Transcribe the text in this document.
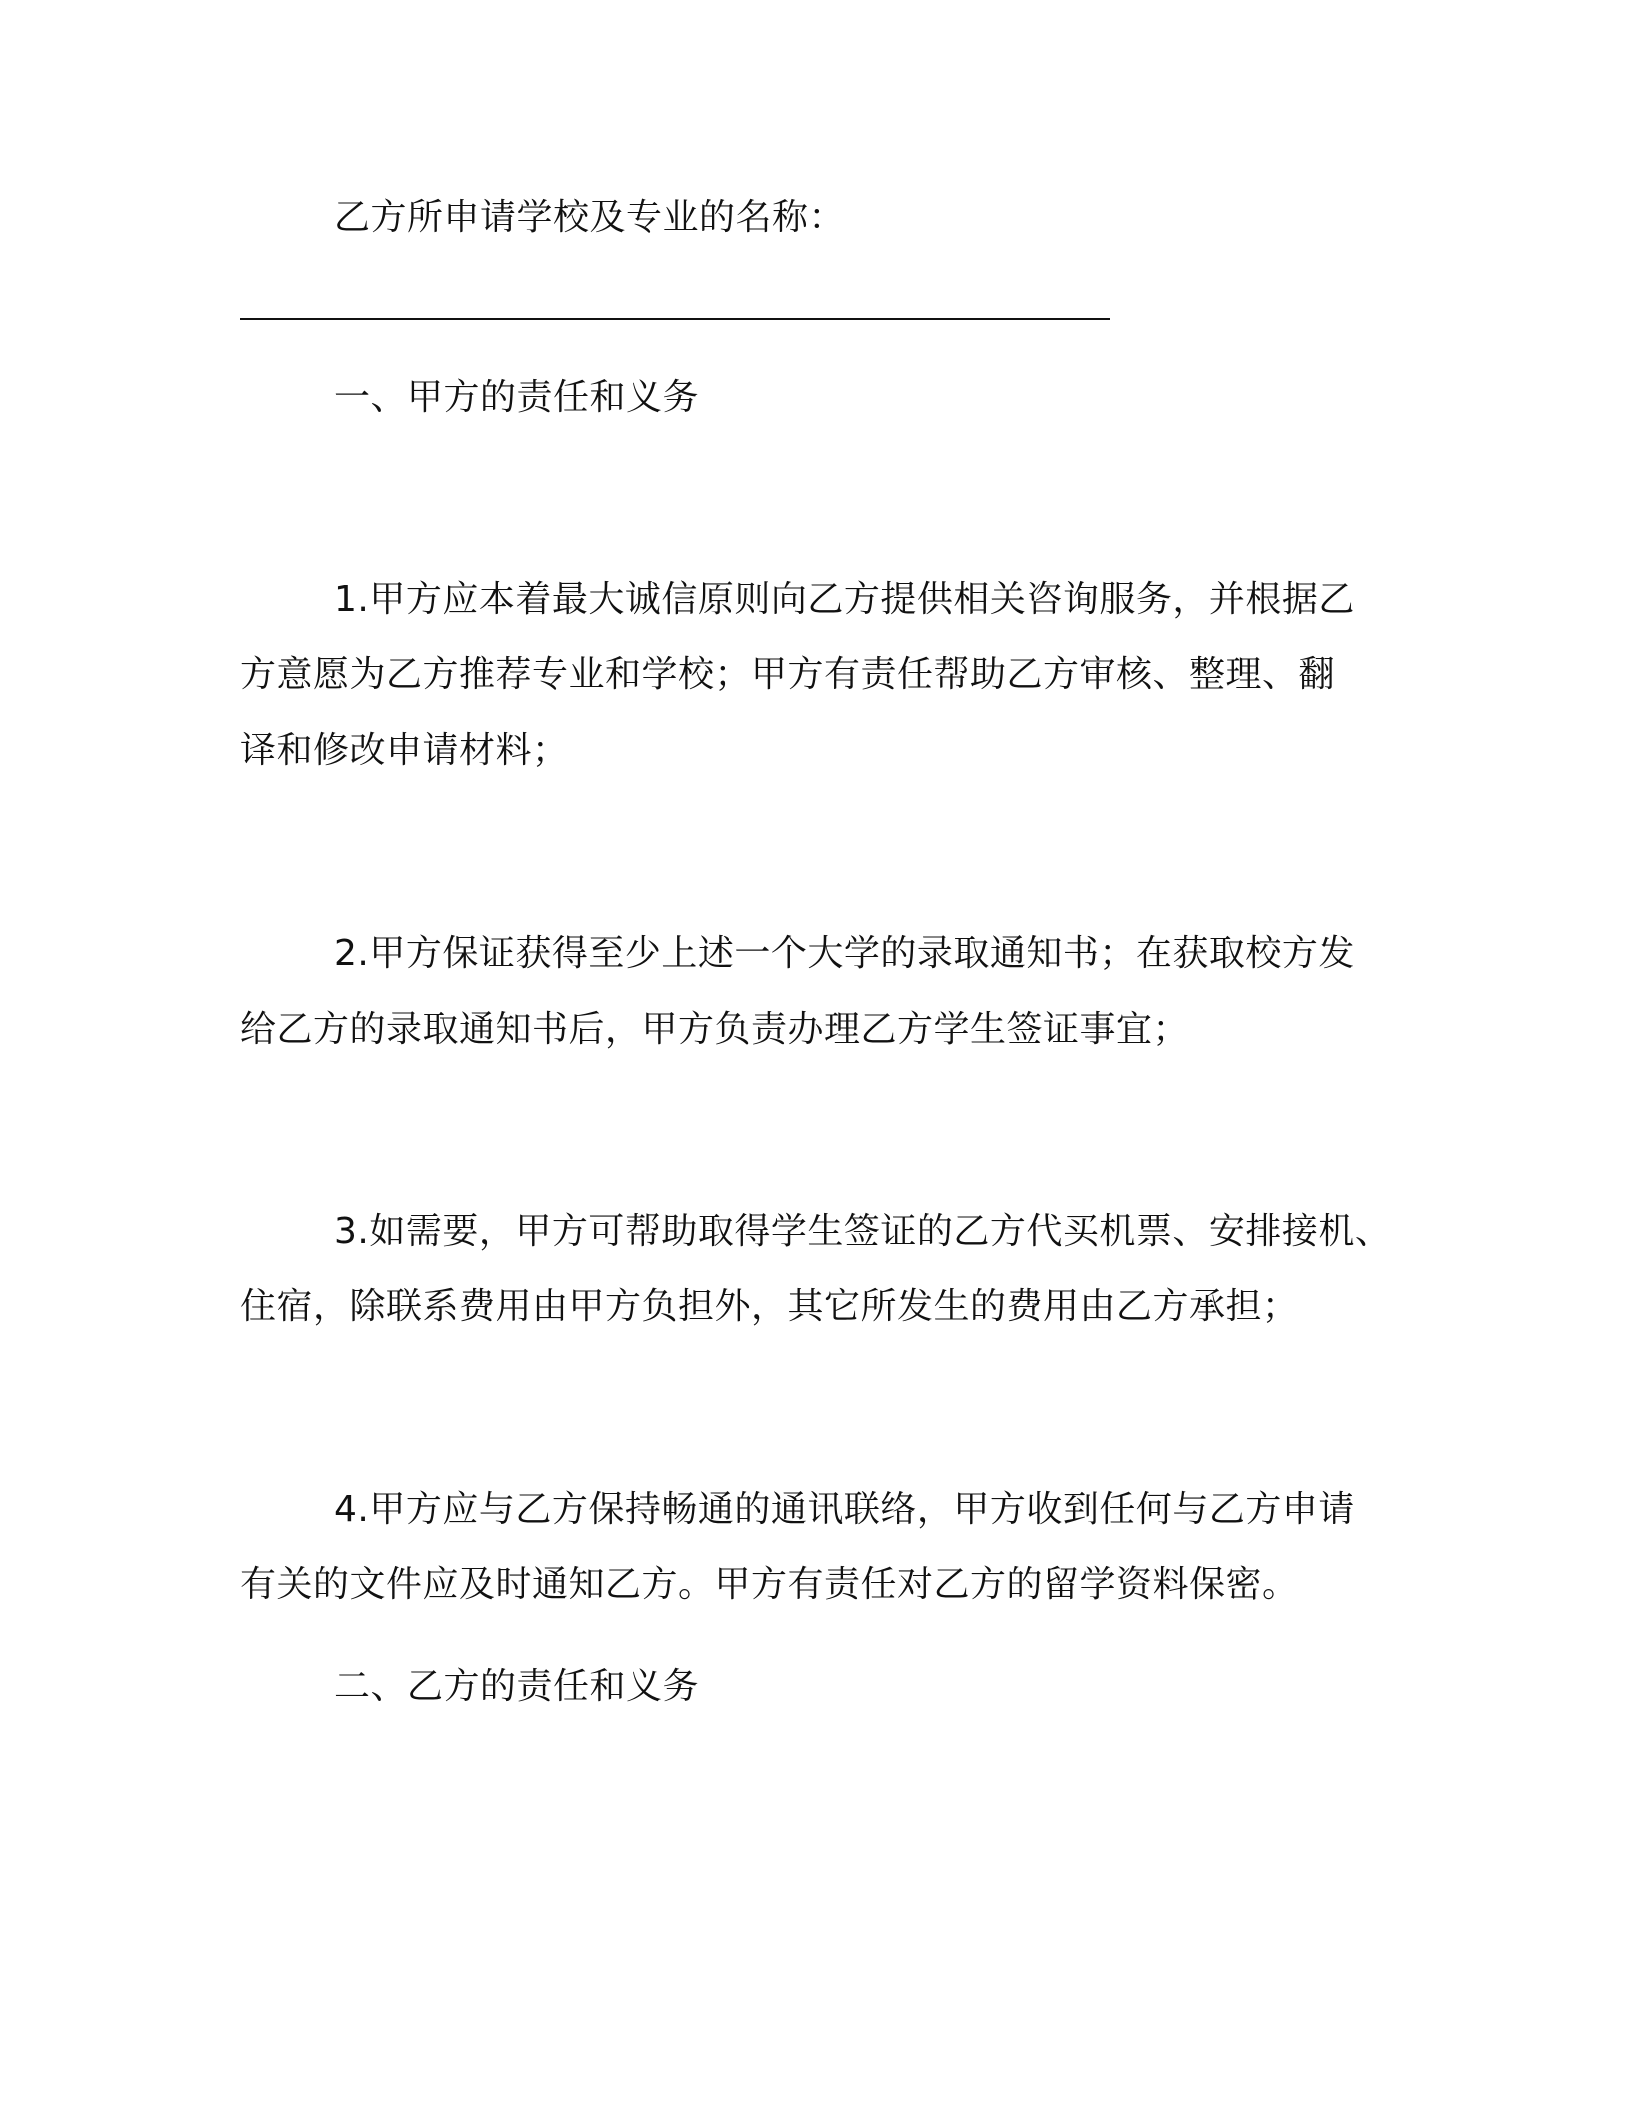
乙方所申请学校及专业的名称：
一、甲方的责任和义务
1.甲方应本着最大诚信原则向乙方提供相关咨询服务，并根据乙
方意愿为乙方推荐专业和学校；甲方有责任帮助乙方审核、整理、翻
译和修改申请材料；
2.甲方保证获得至少上述一个大学的录取通知书；在获取校方发
给乙方的录取通知书后，甲方负责办理乙方学生签证事宜；
3.如需要，甲方可帮助取得学生签证的乙方代买机票、安排接机、
住宿，除联系费用由甲方负担外，其它所发生的费用由乙方承担；
4.甲方应与乙方保持畅通的通讯联络，甲方收到任何与乙方申请
有关的文件应及时通知乙方。甲方有责任对乙方的留学资料保密。
二、乙方的责任和义务
